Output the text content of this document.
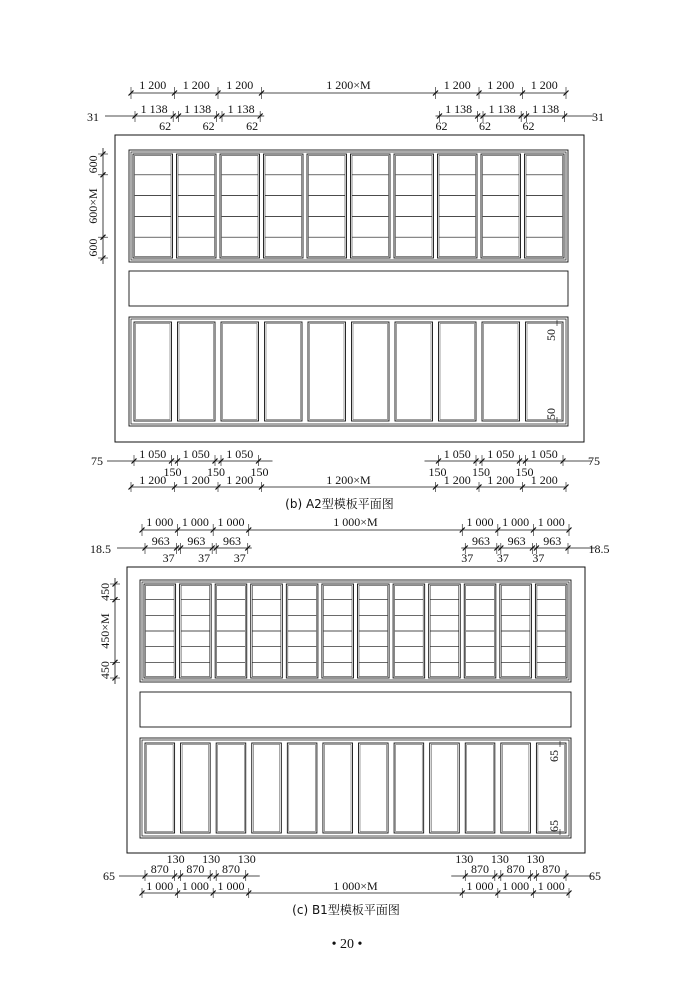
1 200 1 200 1 200	1 200×M	1 200 1 200 1 200
1 138
62
1 138
62
1 138
62
1 138
62
1 138
62
1 138
62
31	31
600
600×M
600
50
50
1 050
150
1 050
150
1 050
150
1 050
150
1 050
150
1 050
150
75	75
1 200 1 200 1 200	1 200×M	1 200 1 200 1 200
(b) A2型模板平面图
1 000 1 000 1 000	1 000×M	1 000 1 000 1 000
963
37
963
37
963
37
963
37
963
37
963
37
18.5	18.5
450
450×M
450
65
65
870
130
870
130
870
130
870
130
870
130
870
130
65	65
1 000 1 000 1 000	1 000×M	1 000 1 000 1 000
(c) B1型模板平面图
• 20 •
